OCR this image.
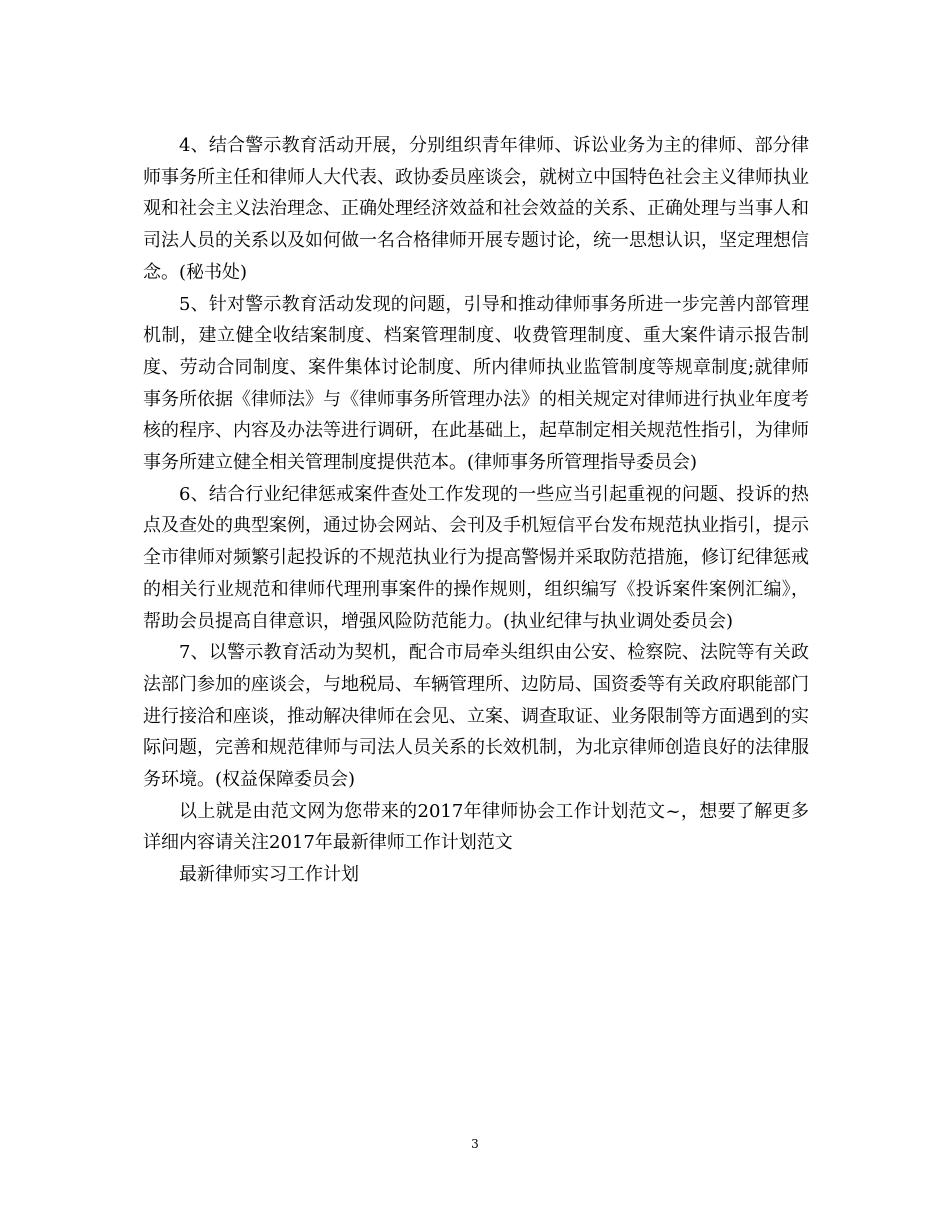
4、结合警示教育活动开展，分别组织青年律师、诉讼业务为主的律师、部分律师事务所主任和律师人大代表、政协委员座谈会，就树立中国特色社会主义律师执业观和社会主义法治理念、正确处理经济效益和社会效益的关系、正确处理与当事人和司法人员的关系以及如何做一名合格律师开展专题讨论，统一思想认识，坚定理想信念。(秘书处)

5、针对警示教育活动发现的问题，引导和推动律师事务所进一步完善内部管理机制，建立健全收结案制度、档案管理制度、收费管理制度、重大案件请示报告制度、劳动合同制度、案件集体讨论制度、所内律师执业监管制度等规章制度;就律师事务所依据《律师法》与《律师事务所管理办法》的相关规定对律师进行执业年度考核的程序、内容及办法等进行调研，在此基础上，起草制定相关规范性指引，为律师事务所建立健全相关管理制度提供范本。(律师事务所管理指导委员会)

6、结合行业纪律惩戒案件查处工作发现的一些应当引起重视的问题、投诉的热点及查处的典型案例，通过协会网站、会刊及手机短信平台发布规范执业指引，提示全市律师对频繁引起投诉的不规范执业行为提高警惕并采取防范措施，修订纪律惩戒的相关行业规范和律师代理刑事案件的操作规则，组织编写《投诉案件案例汇编》，帮助会员提高自律意识，增强风险防范能力。(执业纪律与执业调处委员会)

7、以警示教育活动为契机，配合市局牵头组织由公安、检察院、法院等有关政法部门参加的座谈会，与地税局、车辆管理所、边防局、国资委等有关政府职能部门进行接洽和座谈，推动解决律师在会见、立案、调查取证、业务限制等方面遇到的实际问题，完善和规范律师与司法人员关系的长效机制，为北京律师创造良好的法律服务环境。(权益保障委员会)

以上就是由范文网为您带来的2017年律师协会工作计划范文~，想要了解更多详细内容请关注2017年最新律师工作计划范文

最新律师实习工作计划

3
